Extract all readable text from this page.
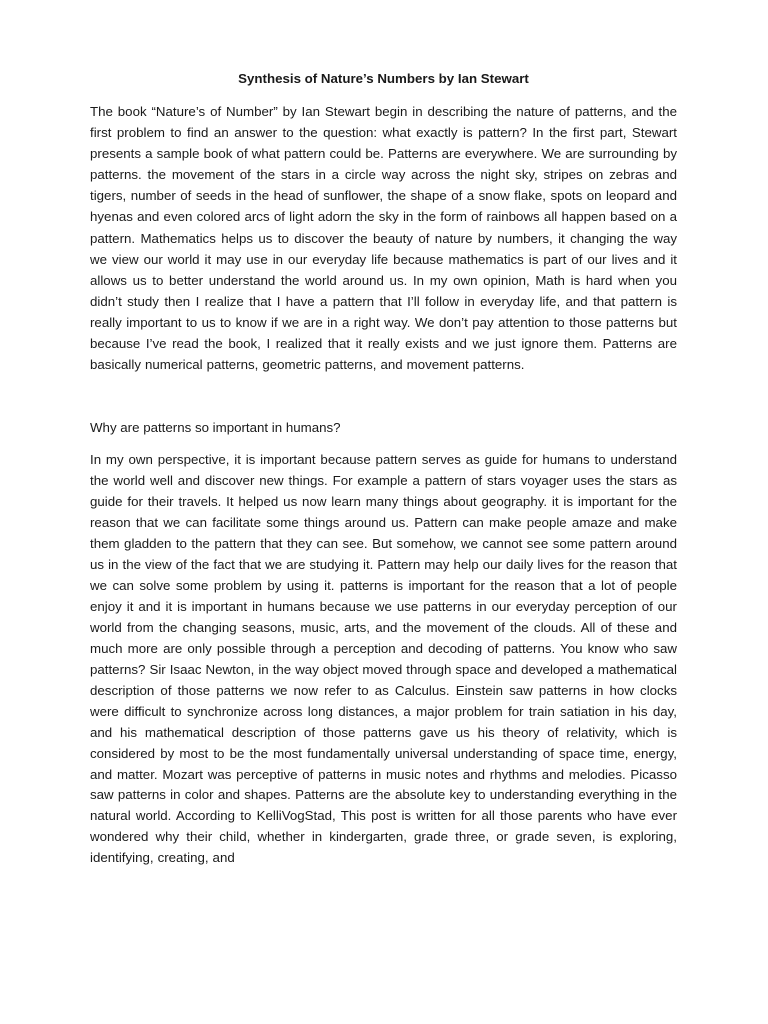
Synthesis of Nature’s Numbers by Ian Stewart

The book “Nature’s of Number” by Ian Stewart begin in describing the nature of patterns, and the first problem to find an answer to the question: what exactly is pattern? In the first part, Stewart presents a sample book of what pattern could be. Patterns are everywhere. We are surrounding by patterns. the movement of the stars in a circle way across the night sky, stripes on zebras and tigers, number of seeds in the head of sunflower, the shape of a snow flake, spots on leopard and hyenas and even colored arcs of light adorn the sky in the form of rainbows all happen based on a pattern. Mathematics helps us to discover the beauty of nature by numbers, it changing the way we view our world it may use in our everyday life because mathematics is part of our lives and it allows us to better understand the world around us. In my own opinion, Math is hard when you didn’t study then I realize that I have a pattern that I’ll follow in everyday life, and that pattern is really important to us to know if we are in a right way. We don’t pay attention to those patterns but because I’ve read the book, I realized that it really exists and we just ignore them. Patterns are basically numerical patterns, geometric patterns, and movement patterns.

Why are patterns so important in humans?

In my own perspective, it is important because pattern serves as guide for humans to understand the world well and discover new things. For example a pattern of stars voyager uses the stars as guide for their travels. It helped us now learn many things about geography. it is important for the reason that we can facilitate some things around us. Pattern can make people amaze and make them gladden to the pattern that they can see. But somehow, we cannot see some pattern around us in the view of the fact that we are studying it. Pattern may help our daily lives for the reason that we can solve some problem by using it. patterns is important for the reason that a lot of people enjoy it and it is important in humans because we use patterns in our everyday perception of our world from the changing seasons, music, arts, and the movement of the clouds. All of these and much more are only possible through a perception and decoding of patterns. You know who saw patterns? Sir Isaac Newton, in the way object moved through space and developed a mathematical description of those patterns we now refer to as Calculus. Einstein saw patterns in how clocks were difficult to synchronize across long distances, a major problem for train satiation in his day, and his mathematical description of those patterns gave us his theory of relativity, which is considered by most to be the most fundamentally universal understanding of space time, energy, and matter. Mozart was perceptive of patterns in music notes and rhythms and melodies. Picasso saw patterns in color and shapes. Patterns are the absolute key to understanding everything in the natural world. According to KelliVogStad, This post is written for all those parents who have ever wondered why their child, whether in kindergarten, grade three, or grade seven, is exploring, identifying, creating, and
